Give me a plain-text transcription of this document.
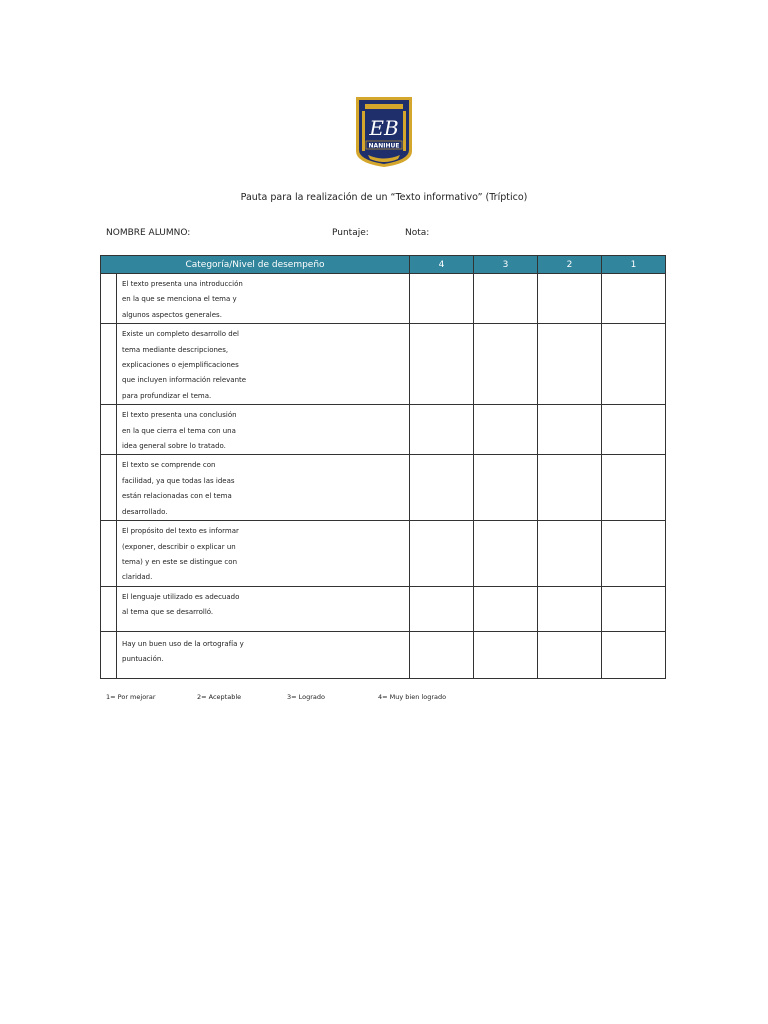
EB
NANIHUE
Pauta para la realización de un “Texto informativo” (Tríptico)
NOMBRE ALUMNO:	Puntaje:	Nota:
Categoría/Nivel de desempeño		4	3	2	1

	El texto presenta una introducción
en la que se menciona el tema y
algunos aspectos generales.				

	Existe un completo desarrollo del
tema mediante descripciones,
explicaciones o ejemplificaciones
que incluyen información relevante
para profundizar el tema.				

	El texto presenta una conclusión
en la que cierra el tema con una
idea general sobre lo tratado.				

	El texto se comprende con
facilidad, ya que todas las ideas
están relacionadas con el tema
desarrollado.				

	El propósito del texto es informar
(exponer, describir o explicar un
tema) y en este se distingue con
claridad.				

	El lenguaje utilizado es adecuado
al tema que se desarrolló.				

	Hay un buen uso de la ortografía y
puntuación.				

1= Por mejorar	2= Aceptable	3= Logrado	4= Muy bien logrado
